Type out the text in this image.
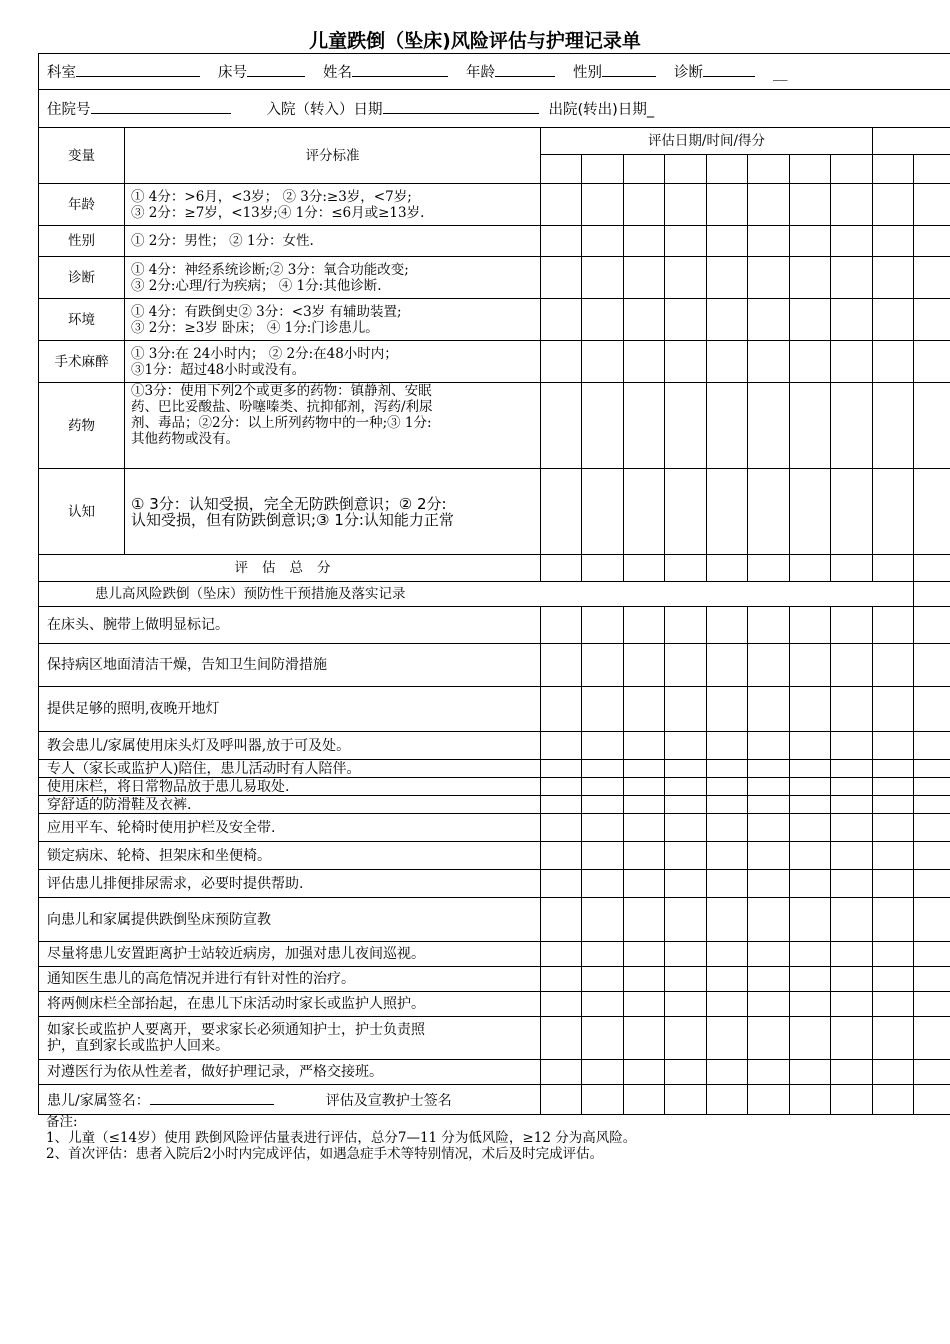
儿童跌倒（坠床)风险评估与护理记录单
科室 床号 姓名 年龄 性别 诊断 __											
住院号 入院（转入）日期 出院(转出)日期_											
变量	评分标准	评估日期/时间/得分									

年龄	① 4分：>6月，<3岁； ② 3分:≥3岁，<7岁;
③ 2分：≥7岁，<13岁;④ 1分：≤6月或≥13岁.										

性别	① 2分：男性； ② 1分：女性.										

诊断	① 4分：神经系统诊断;② 3分：氧合功能改变;
③ 2分:心理/行为疾病； ④ 1分:其他诊断.										

环境	① 4分：有跌倒史② 3分：<3岁 有辅助装置;
③ 2分：≥3岁 卧床； ④ 1分:门诊患儿。										

手术麻醉	① 3分:在 24小时内； ② 2分:在48小时内；
③1分：超过48小时或没有。										

药物	①3分：使用下列2个或更多的药物：镇静剂、安眠
药、巴比妥酸盐、吩噻嗪类、抗抑郁剂，泻药/利尿
剂、毒品；②2分：以上所列药物中的一种;③ 1分:
其他药物或没有。										

认知	① 3分：认知受损，完全无防跌倒意识；② 2分:
认知受损，但有防跌倒意识;③ 1分:认知能力正常										

评估总分											
患儿高风险跌倒（坠床）预防性干预措施及落实记录											

在床头、腕带上做明显标记。											

保持病区地面清洁干燥，告知卫生间防滑措施											

提供足够的照明,夜晚开地灯											

教会患儿/家属使用床头灯及呼叫器,放于可及处。											

专人（家长或监护人)陪住，患儿活动时有人陪伴。											

使用床栏，将日常物品放于患儿易取处.											

穿舒适的防滑鞋及衣裤.											

应用平车、轮椅时使用护栏及安全带.											

锁定病床、轮椅、担架床和坐便椅。											

评估患儿排便排尿需求，必要时提供帮助.											

向患儿和家属提供跌倒坠床预防宣教											

尽量将患儿安置距离护士站较近病房，加强对患儿夜间巡视。											

通知医生患儿的高危情况并进行有针对性的治疗。											

将两侧床栏全部抬起，在患儿下床活动时家长或监护人照护。											

如家长或监护人要离开，要求家长必须通知护士，护士负责照
护，直到家长或监护人回来。											

对遵医行为依从性差者，做好护理记录，严格交接班。											

患儿/家属签名： 评估及宣教护士签名											
备注:
1、儿童（≤14岁）使用 跌倒风险评估量表进行评估，总分7—11 分为低风险，≥12 分为高风险。
2、首次评估：患者入院后2小时内完成评估，如遇急症手术等特别情况，术后及时完成评估。
